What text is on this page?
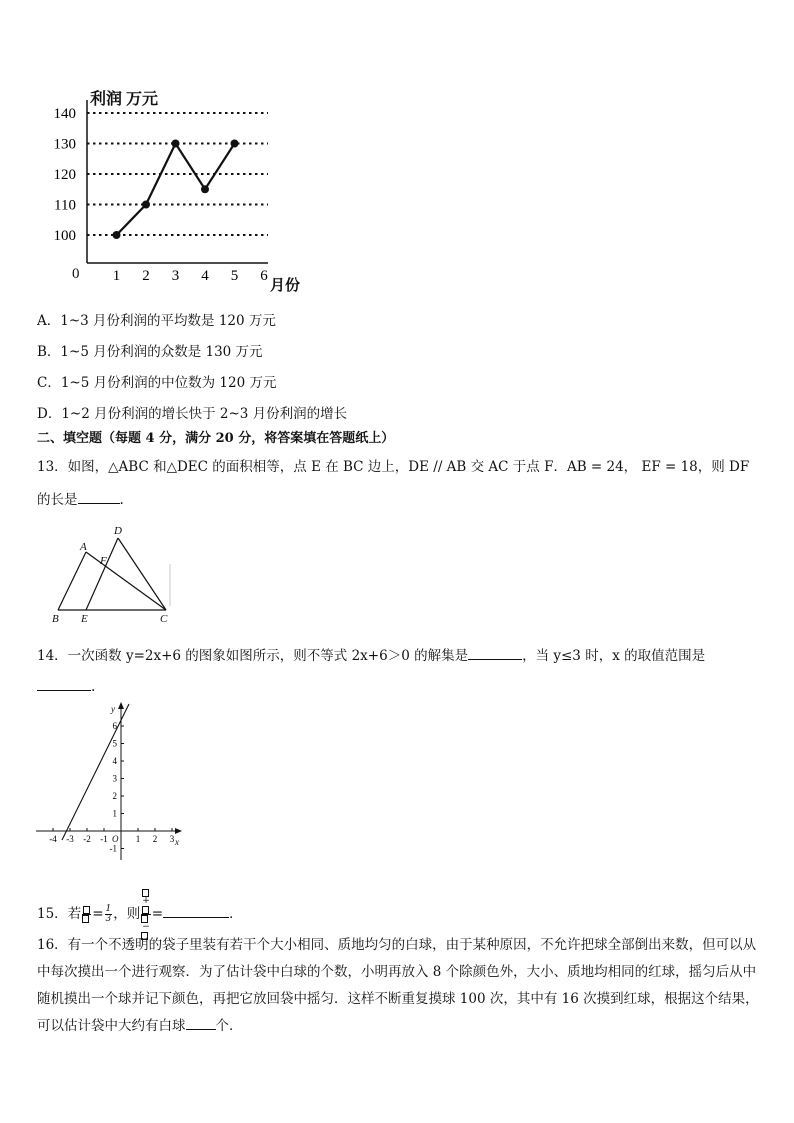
利润 万元
月份
0
140
130
120
110
100
1 2 3 4 5 6
A．1~3 月份利润的平均数是 120 万元
B．1~5 月份利润的众数是 130 万元
C．1~5 月份利润的中位数为 120 万元
D．1~2 月份利润的增长快于 2~3 月份利润的增长
二、填空题（每题 4 分，满分 20 分，将答案填在答题纸上）
13．如图，△ABC 和△DEC 的面积相等，点 E 在 BC 边上，DE // AB 交 AC 于点 F．AB = 24， EF = 18，则 DF
的长是	.
A
B	C
D
E
F
14．一次函数 y=2x+6 的图象如图所示，则不等式 2x+6＞0 的解集是	，当 y≤3 时，x 的取值范围是
.
y
x
O
6
5
4
3
2
1
-1
-4 -3 -2 -1	1 2 3
15．若 = $\frac{1}{3}$ ，则 $\frac{+}{-}$ =	．
16．有一个不透明的袋子里装有若干个大小相同、质地均匀的白球，由于某种原因，不允许把球全部倒出来数，但可以从中每次摸出一个进行观察．为了估计袋中白球的个数，小明再放入 8 个除颜色外，大小、质地均相同的红球，摇匀后从中随机摸出一个球并记下颜色，再把它放回袋中摇匀．这样不断重复摸球 100 次，其中有 16 次摸到红球，根据这个结果，可以估计袋中大约有白球 个．
